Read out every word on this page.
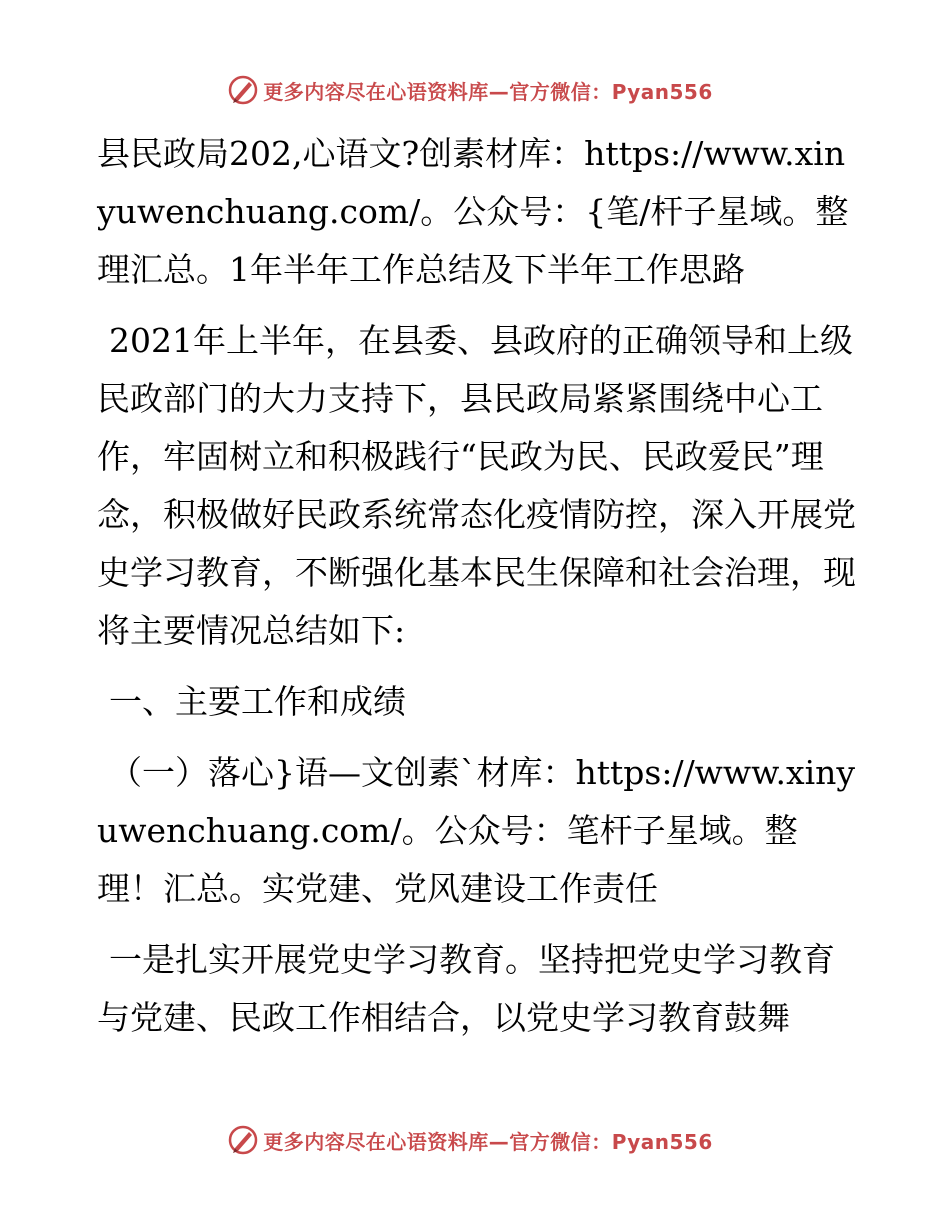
更多内容尽在心语资料库—官方微信：Pyan556

县民政局202,心语文?创素材库：https://www.xinyuwenchuang.com/。公众号：{笔/杆子星域。整理汇总。1年半年工作总结及下半年工作思路

2021年上半年，在县委、县政府的正确领导和上级民政部门的大力支持下，县民政局紧紧围绕中心工作，牢固树立和积极践行“民政为民、民政爱民”理念，积极做好民政系统常态化疫情防控，深入开展党史学习教育，不断强化基本民生保障和社会治理，现将主要情况总结如下:

一、主要工作和成绩

（一）落心}语—文创素`材库：https://www.xinyuwenchuang.com/。公众号：笔杆子星域。整理！汇总。实党建、党风建设工作责任

一是扎实开展党史学习教育。坚持把党史学习教育与党建、民政工作相结合，以党史学习教育鼓舞

更多内容尽在心语资料库—官方微信：Pyan556
